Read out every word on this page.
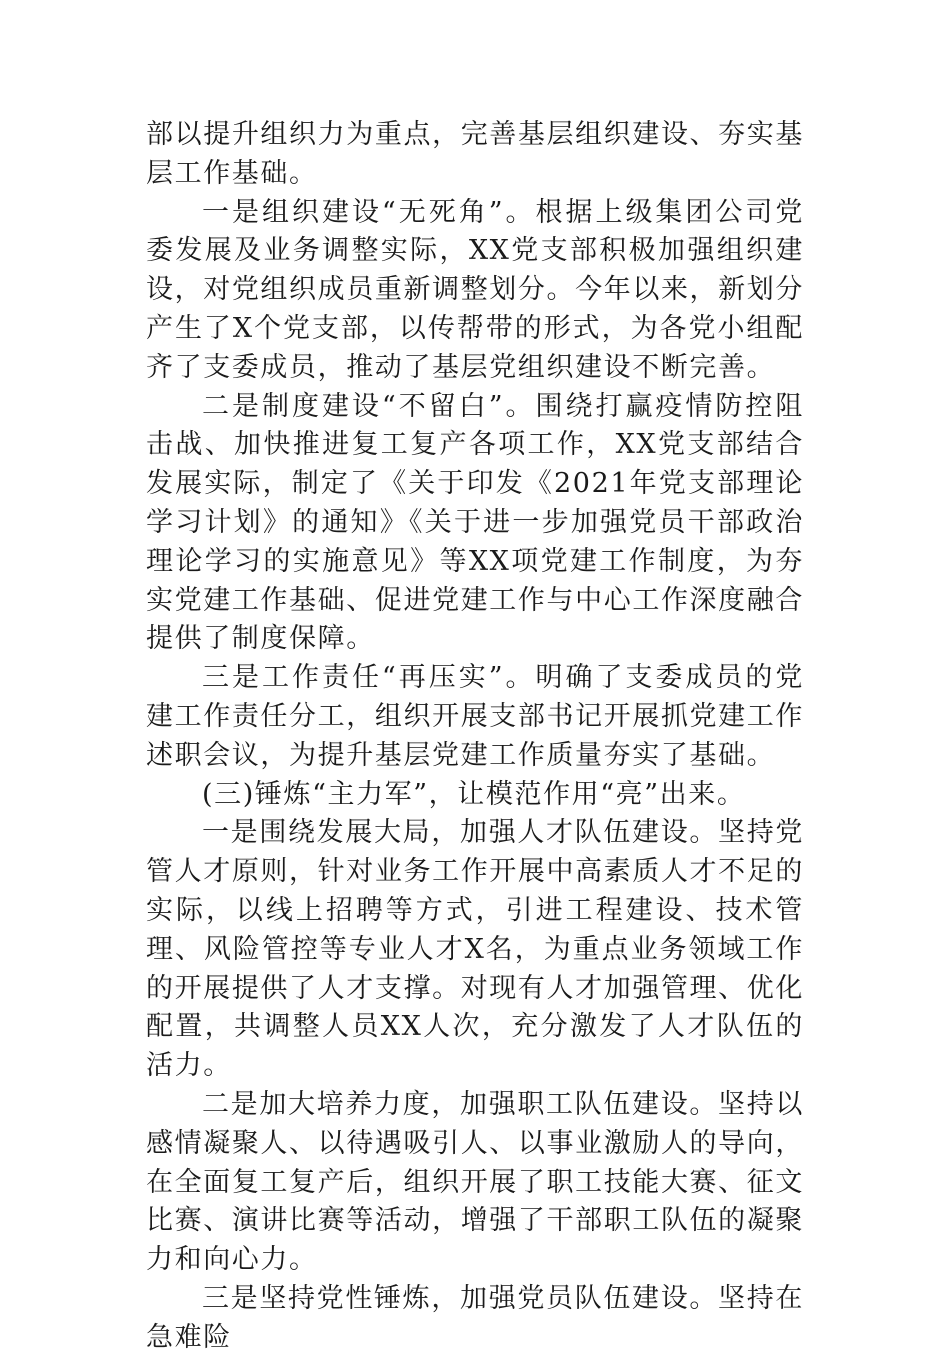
部以提升组织力为重点，完善基层组织建设、夯实基层工作基础。

一是组织建设“无死角”。根据上级集团公司党委发展及业务调整实际，XX党支部积极加强组织建设，对党组织成员重新调整划分。今年以来，新划分产生了X个党支部，以传帮带的形式，为各党小组配齐了支委成员，推动了基层党组织建设不断完善。

二是制度建设“不留白”。围绕打赢疫情防控阻击战、加快推进复工复产各项工作，XX党支部结合发展实际，制定了《关于印发《2021年党支部理论学习计划》的通知》《关于进一步加强党员干部政治理论学习的实施意见》等XX项党建工作制度，为夯实党建工作基础、促进党建工作与中心工作深度融合提供了制度保障。

三是工作责任“再压实”。明确了支委成员的党建工作责任分工，组织开展支部书记开展抓党建工作述职会议，为提升基层党建工作质量夯实了基础。

(三)锤炼“主力军”，让模范作用“亮”出来。

一是围绕发展大局，加强人才队伍建设。坚持党管人才原则，针对业务工作开展中高素质人才不足的实际，以线上招聘等方式，引进工程建设、技术管理、风险管控等专业人才X名，为重点业务领域工作的开展提供了人才支撑。对现有人才加强管理、优化配置，共调整人员XX人次，充分激发了人才队伍的活力。

二是加大培养力度，加强职工队伍建设。坚持以感情凝聚人、以待遇吸引人、以事业激励人的导向，在全面复工复产后，组织开展了职工技能大赛、征文比赛、演讲比赛等活动，增强了干部职工队伍的凝聚力和向心力。

三是坚持党性锤炼，加强党员队伍建设。坚持在急难险
